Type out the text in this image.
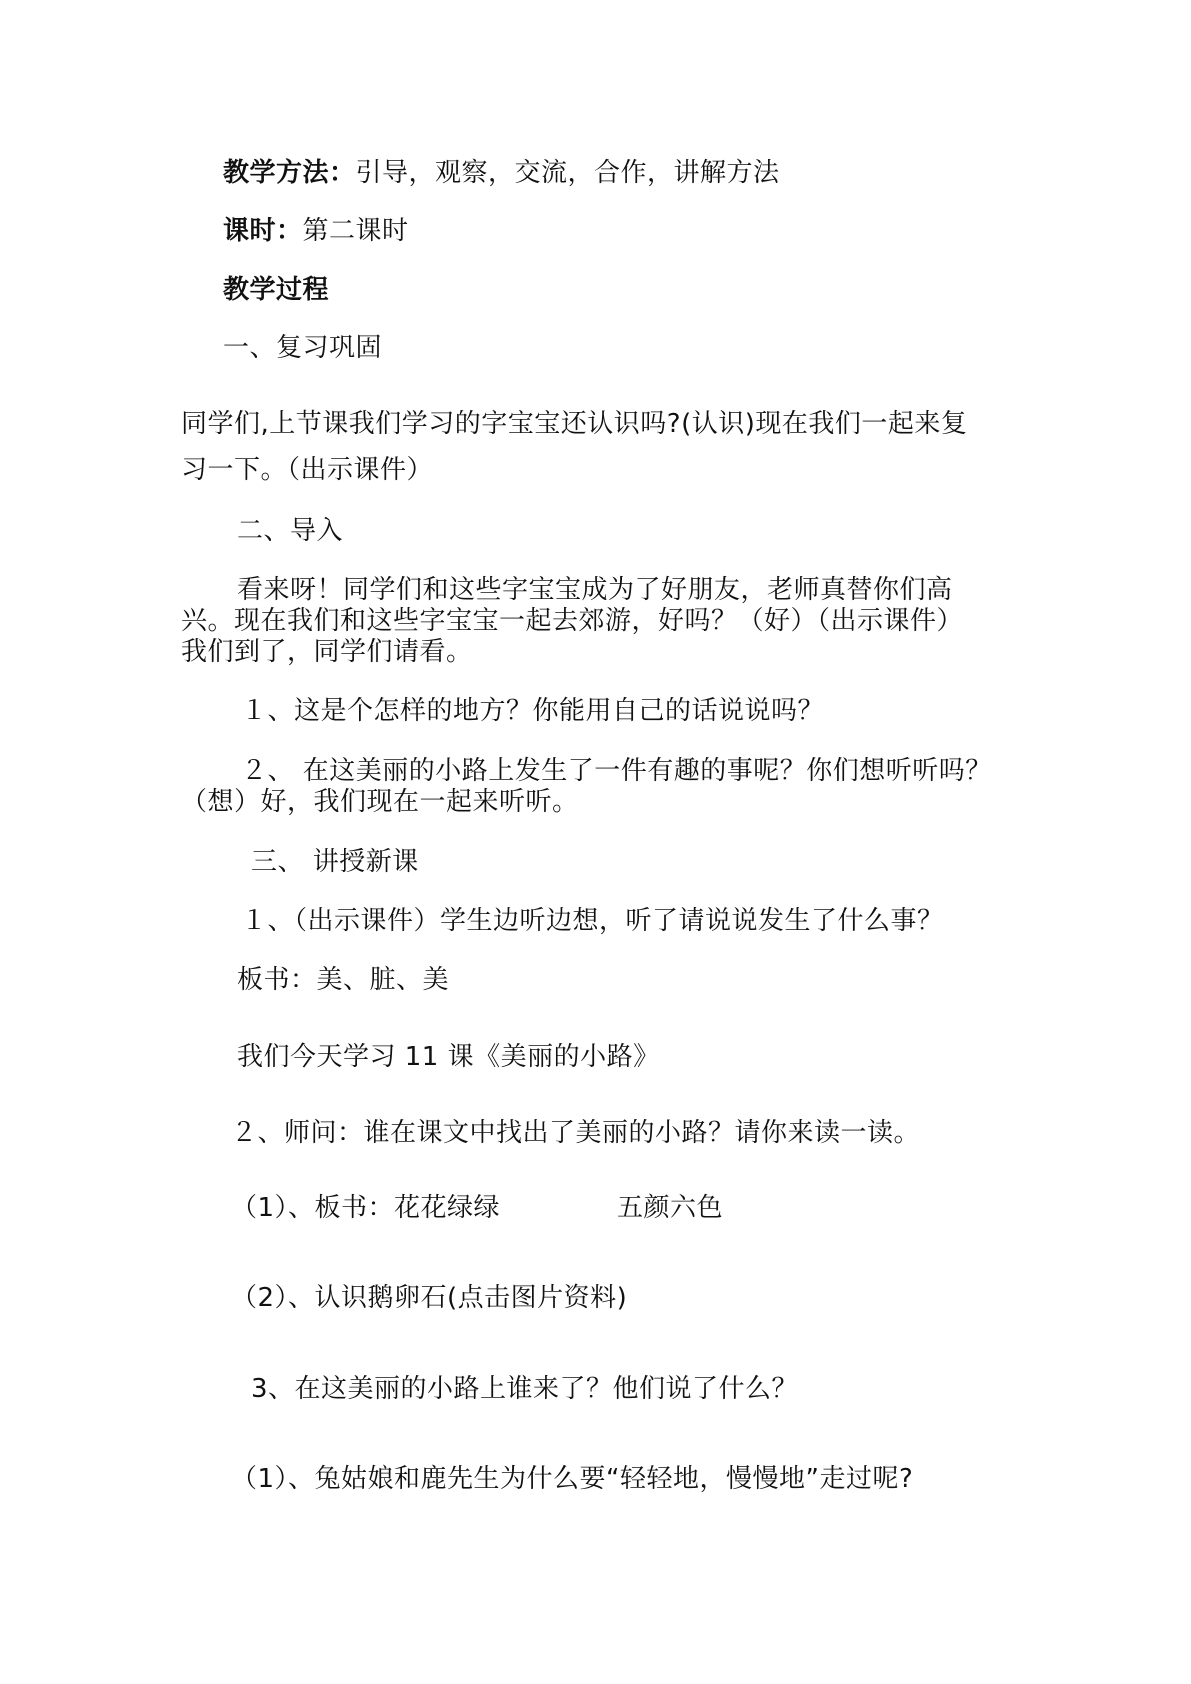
教学方法：引导，观察，交流，合作，讲解方法
课时：第二课时
教学过程
一、复习巩固
同学们,上节课我们学习的字宝宝还认识吗?(认识)现在我们一起来复
习一下。（出示课件）
二、导入
看来呀！同学们和这些字宝宝成为了好朋友，老师真替你们高
兴。现在我们和这些字宝宝一起去郊游，好吗？（好）（出示课件）
我们到了，同学们请看。
１、这是个怎样的地方？你能用自己的话说说吗？
２、 在这美丽的小路上发生了一件有趣的事呢？你们想听听吗？
（想）好，我们现在一起来听听。
三、 讲授新课
１、（出示课件）学生边听边想，听了请说说发生了什么事？
板书：美、脏、美
我们今天学习 11 课《美丽的小路》
２、师问：谁在课文中找出了美丽的小路？请你来读一读。
（1）、板书：花花绿绿	五颜六色
（2）、认识鹅卵石(点击图片资料)
3、在这美丽的小路上谁来了？他们说了什么？
（1）、兔姑娘和鹿先生为什么要“轻轻地，慢慢地”走过呢?
